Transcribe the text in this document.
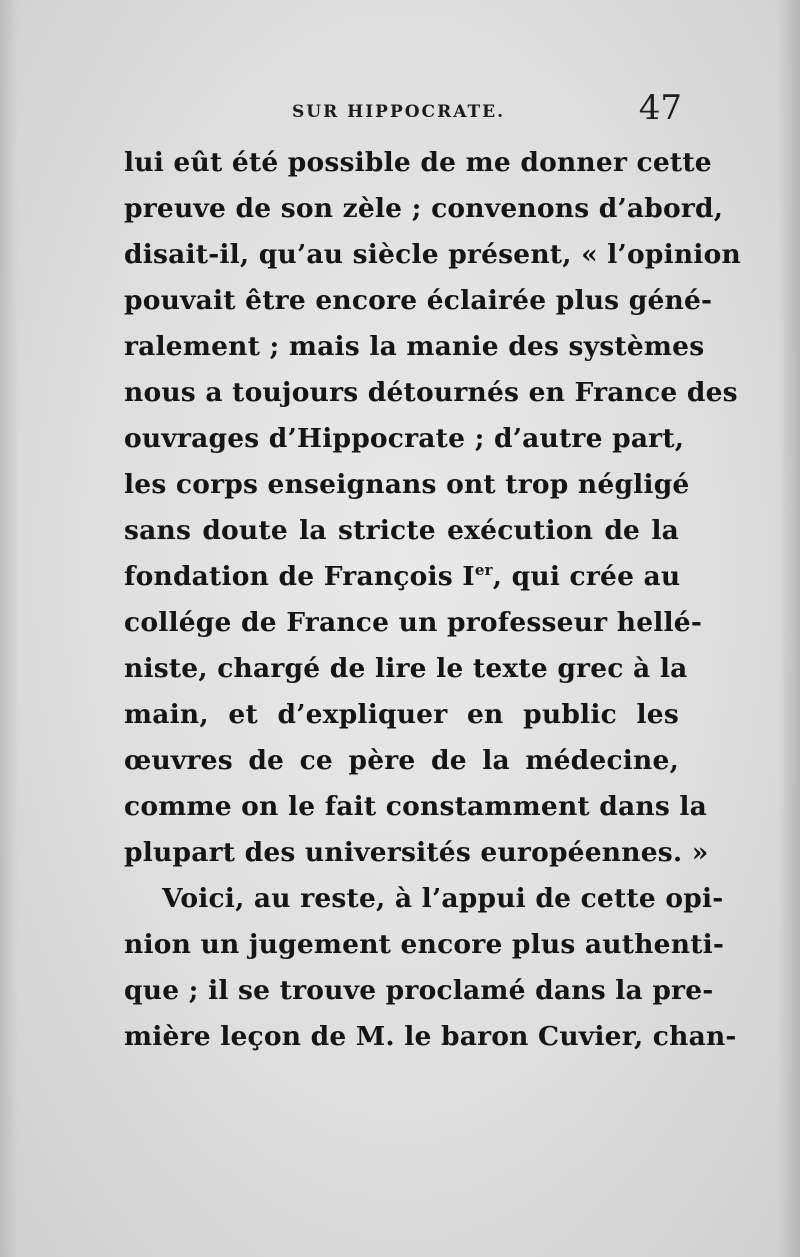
SUR HIPPOCRATE.	47
lui eût été possible de me donner cette
preuve de son zèle ; convenons d’abord,
disait-il, qu’au siècle présent, « l’opinion
pouvait être encore éclairée plus géné-
ralement ; mais la manie des systèmes
nous a toujours détournés en France des
ouvrages d’Hippocrate ; d’autre part,
les corps enseignans ont trop négligé
sans doute la stricte exécution de la
fondation de François Ier, qui crée au
collége de France un professeur hellé-
niste, chargé de lire le texte grec à la
main, et d’expliquer en public les
œuvres de ce père de la médecine,
comme on le fait constamment dans la
plupart des universités européennes. »
Voici, au reste, à l’appui de cette opi-
nion un jugement encore plus authenti-
que ; il se trouve proclamé dans la pre-
mière leçon de M. le baron Cuvier, chan-
